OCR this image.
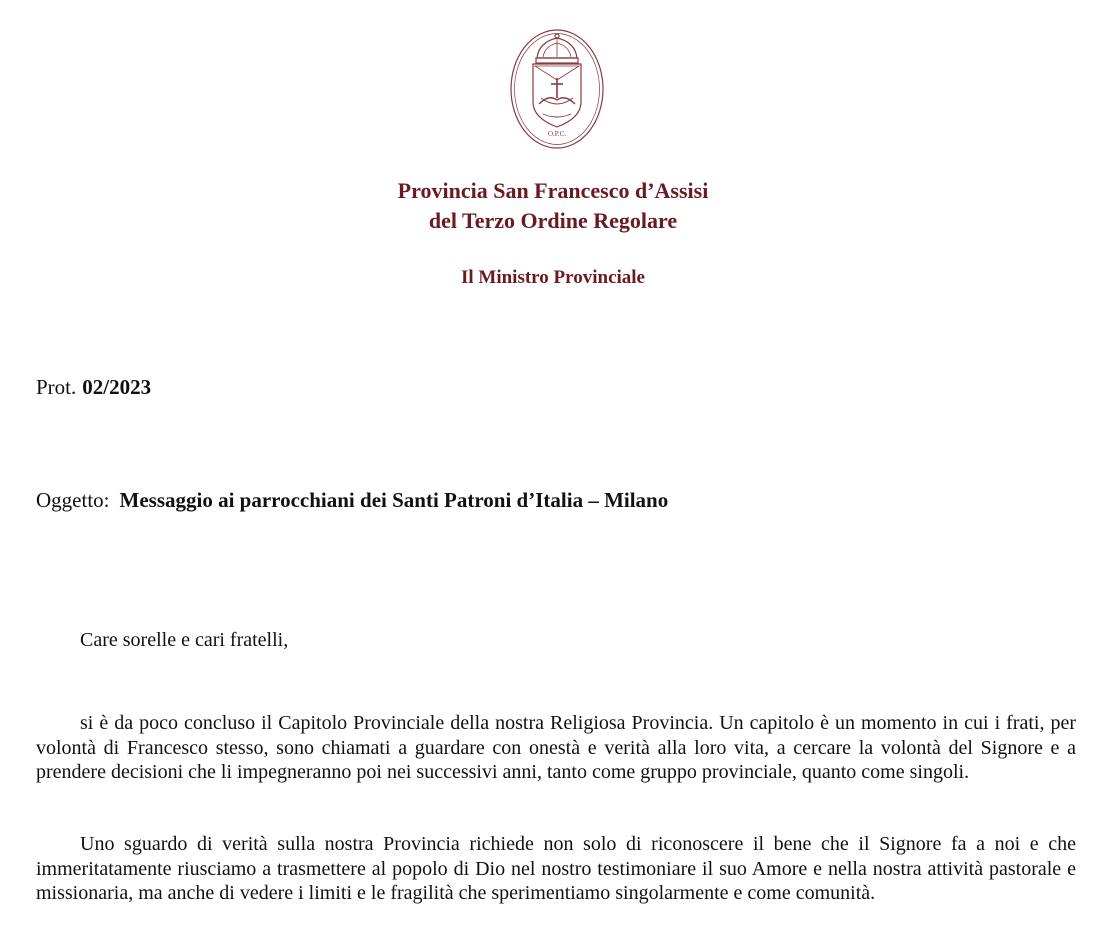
O.P.C.

Provincia San Francesco d’Assisi

del Terzo Ordine Regolare

Il Ministro Provinciale

Prot. 02/2023

Oggetto: Messaggio ai parrocchiani dei Santi Patroni d’Italia – Milano

Care sorelle e cari fratelli,

si è da poco concluso il Capitolo Provinciale della nostra Religiosa Provincia. Un capitolo è un momento in cui i frati, per volontà di Francesco stesso, sono chiamati a guardare con onestà e verità alla loro vita, a cercare la volontà del Signore e a prendere decisioni che li impegneranno poi nei successivi anni, tanto come gruppo provinciale, quanto come singoli.

Uno sguardo di verità sulla nostra Provincia richiede non solo di riconoscere il bene che il Signore fa a noi e che immeritatamente riusciamo a trasmettere al popolo di Dio nel nostro testimoniare il suo Amore e nella nostra attività pastorale e missionaria, ma anche di vedere i limiti e le fragilità che sperimentiamo singolarmente e come comunità.
